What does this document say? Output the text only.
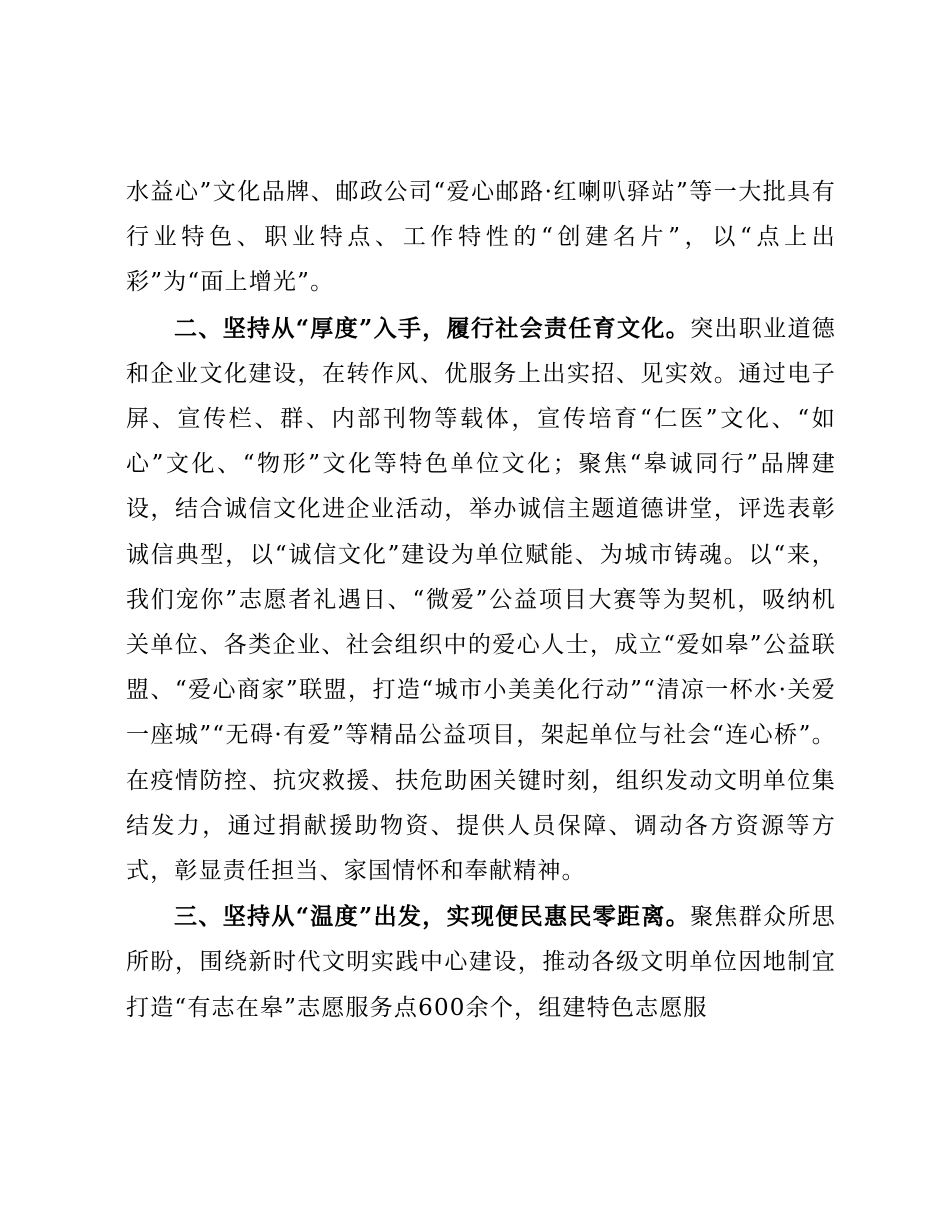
水益心”文化品牌、邮政公司“爱心邮路·红喇叭驿站”等一大批具有行业特色、职业特点、工作特性的“创建名片”，以“点上出彩”为“面上增光”。

二、坚持从“厚度”入手，履行社会责任育文化。突出职业道德和企业文化建设，在转作风、优服务上出实招、见实效。通过电子屏、宣传栏、群、内部刊物等载体，宣传培育“仁医”文化、“如心”文化、“物形”文化等特色单位文化；聚焦“皋诚同行”品牌建设，结合诚信文化进企业活动，举办诚信主题道德讲堂，评选表彰诚信典型，以“诚信文化”建设为单位赋能、为城市铸魂。以“来，我们宠你”志愿者礼遇日、“微爱”公益项目大赛等为契机，吸纳机关单位、各类企业、社会组织中的爱心人士，成立“爱如皋”公益联盟、“爱心商家”联盟，打造“城市小美美化行动”“清凉一杯水·关爱一座城”“无碍·有爱”等精品公益项目，架起单位与社会“连心桥”。在疫情防控、抗灾救援、扶危助困关键时刻，组织发动文明单位集结发力，通过捐献援助物资、提供人员保障、调动各方资源等方式，彰显责任担当、家国情怀和奉献精神。

三、坚持从“温度”出发，实现便民惠民零距离。聚焦群众所思所盼，围绕新时代文明实践中心建设，推动各级文明单位因地制宜打造“有志在皋”志愿服务点600余个，组建特色志愿服
